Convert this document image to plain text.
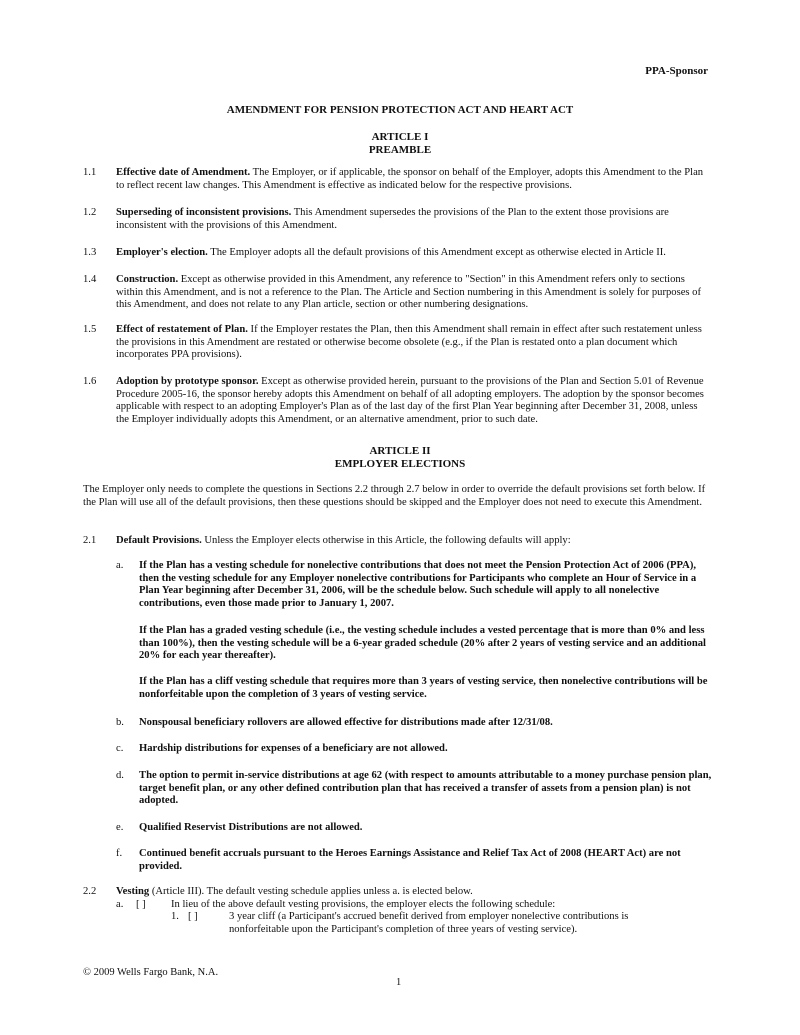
PPA-Sponsor
AMENDMENT FOR PENSION PROTECTION ACT AND HEART ACT
ARTICLE I
PREAMBLE
1.1 Effective date of Amendment. The Employer, or if applicable, the sponsor on behalf of the Employer, adopts this Amendment to the Plan to reflect recent law changes. This Amendment is effective as indicated below for the respective provisions.
1.2 Superseding of inconsistent provisions. This Amendment supersedes the provisions of the Plan to the extent those provisions are inconsistent with the provisions of this Amendment.
1.3 Employer's election. The Employer adopts all the default provisions of this Amendment except as otherwise elected in Article II.
1.4 Construction. Except as otherwise provided in this Amendment, any reference to "Section" in this Amendment refers only to sections within this Amendment, and is not a reference to the Plan. The Article and Section numbering in this Amendment is solely for purposes of this Amendment, and does not relate to any Plan article, section or other numbering designations.
1.5 Effect of restatement of Plan. If the Employer restates the Plan, then this Amendment shall remain in effect after such restatement unless the provisions in this Amendment are restated or otherwise become obsolete (e.g., if the Plan is restated onto a plan document which incorporates PPA provisions).
1.6 Adoption by prototype sponsor. Except as otherwise provided herein, pursuant to the provisions of the Plan and Section 5.01 of Revenue Procedure 2005-16, the sponsor hereby adopts this Amendment on behalf of all adopting employers. The adoption by the sponsor becomes applicable with respect to an adopting Employer's Plan as of the last day of the first Plan Year beginning after December 31, 2008, unless the Employer individually adopts this Amendment, or an alternative amendment, prior to such date.
ARTICLE II
EMPLOYER ELECTIONS
The Employer only needs to complete the questions in Sections 2.2 through 2.7 below in order to override the default provisions set forth below. If the Plan will use all of the default provisions, then these questions should be skipped and the Employer does not need to execute this Amendment.
2.1 Default Provisions. Unless the Employer elects otherwise in this Article, the following defaults will apply:
a. If the Plan has a vesting schedule for nonelective contributions that does not meet the Pension Protection Act of 2006 (PPA), then the vesting schedule for any Employer nonelective contributions for Participants who complete an Hour of Service in a Plan Year beginning after December 31, 2006, will be the schedule below. Such schedule will apply to all nonelective contributions, even those made prior to January 1, 2007.
If the Plan has a graded vesting schedule (i.e., the vesting schedule includes a vested percentage that is more than 0% and less than 100%), then the vesting schedule will be a 6-year graded schedule (20% after 2 years of vesting service and an additional 20% for each year thereafter).
If the Plan has a cliff vesting schedule that requires more than 3 years of vesting service, then nonelective contributions will be nonforfeitable upon the completion of 3 years of vesting service.
b. Nonspousal beneficiary rollovers are allowed effective for distributions made after 12/31/08.
c. Hardship distributions for expenses of a beneficiary are not allowed.
d. The option to permit in-service distributions at age 62 (with respect to amounts attributable to a money purchase pension plan, target benefit plan, or any other defined contribution plan that has received a transfer of assets from a pension plan) is not adopted.
e. Qualified Reservist Distributions are not allowed.
f. Continued benefit accruals pursuant to the Heroes Earnings Assistance and Relief Tax Act of 2008 (HEART Act) are not provided.
2.2 Vesting (Article III). The default vesting schedule applies unless a. is elected below.
a. [ ] In lieu of the above default vesting provisions, the employer elects the following schedule:
1. [ ]	3 year cliff (a Participant's accrued benefit derived from employer nonelective contributions is nonforfeitable upon the Participant's completion of three years of vesting service).
© 2009 Wells Fargo Bank, N.A.
1
